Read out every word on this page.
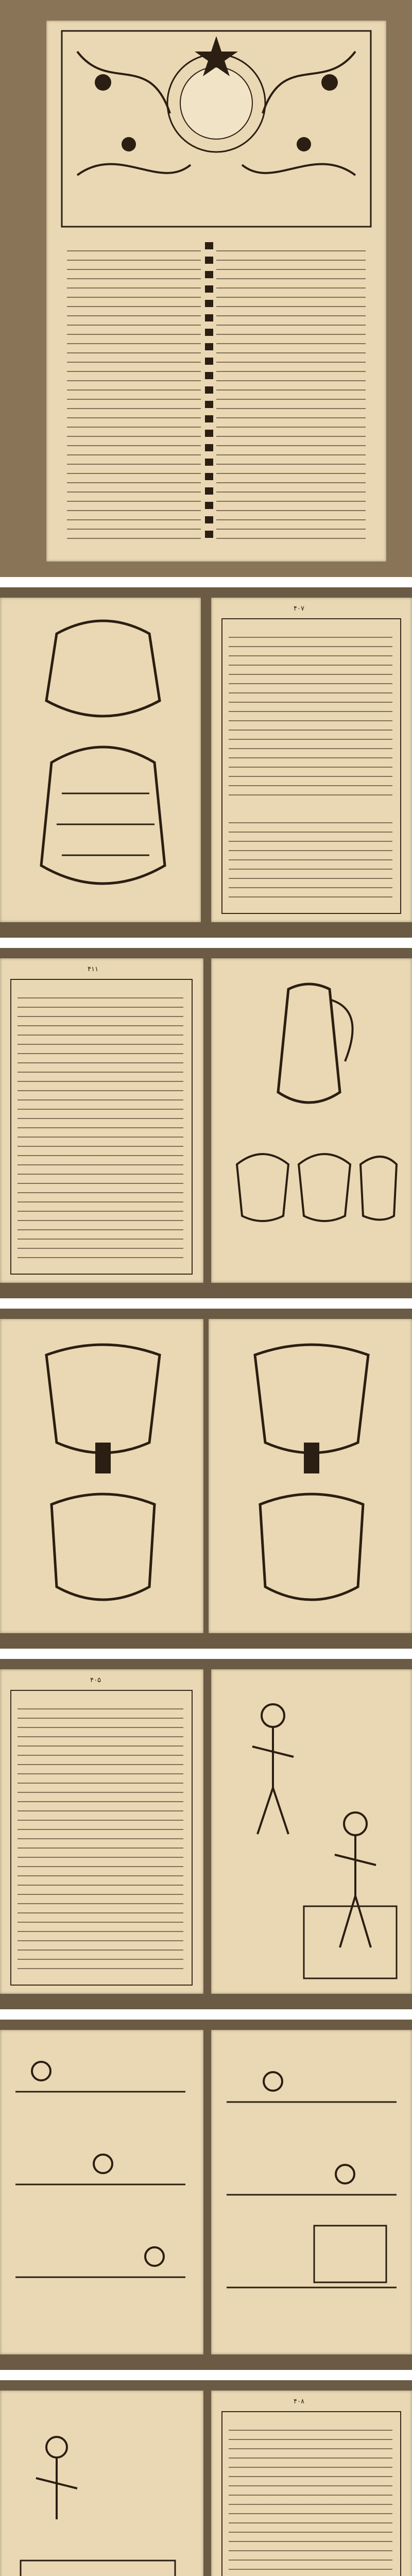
۴۰۷
۴۱۱
۴۰۵
۴۰۸
